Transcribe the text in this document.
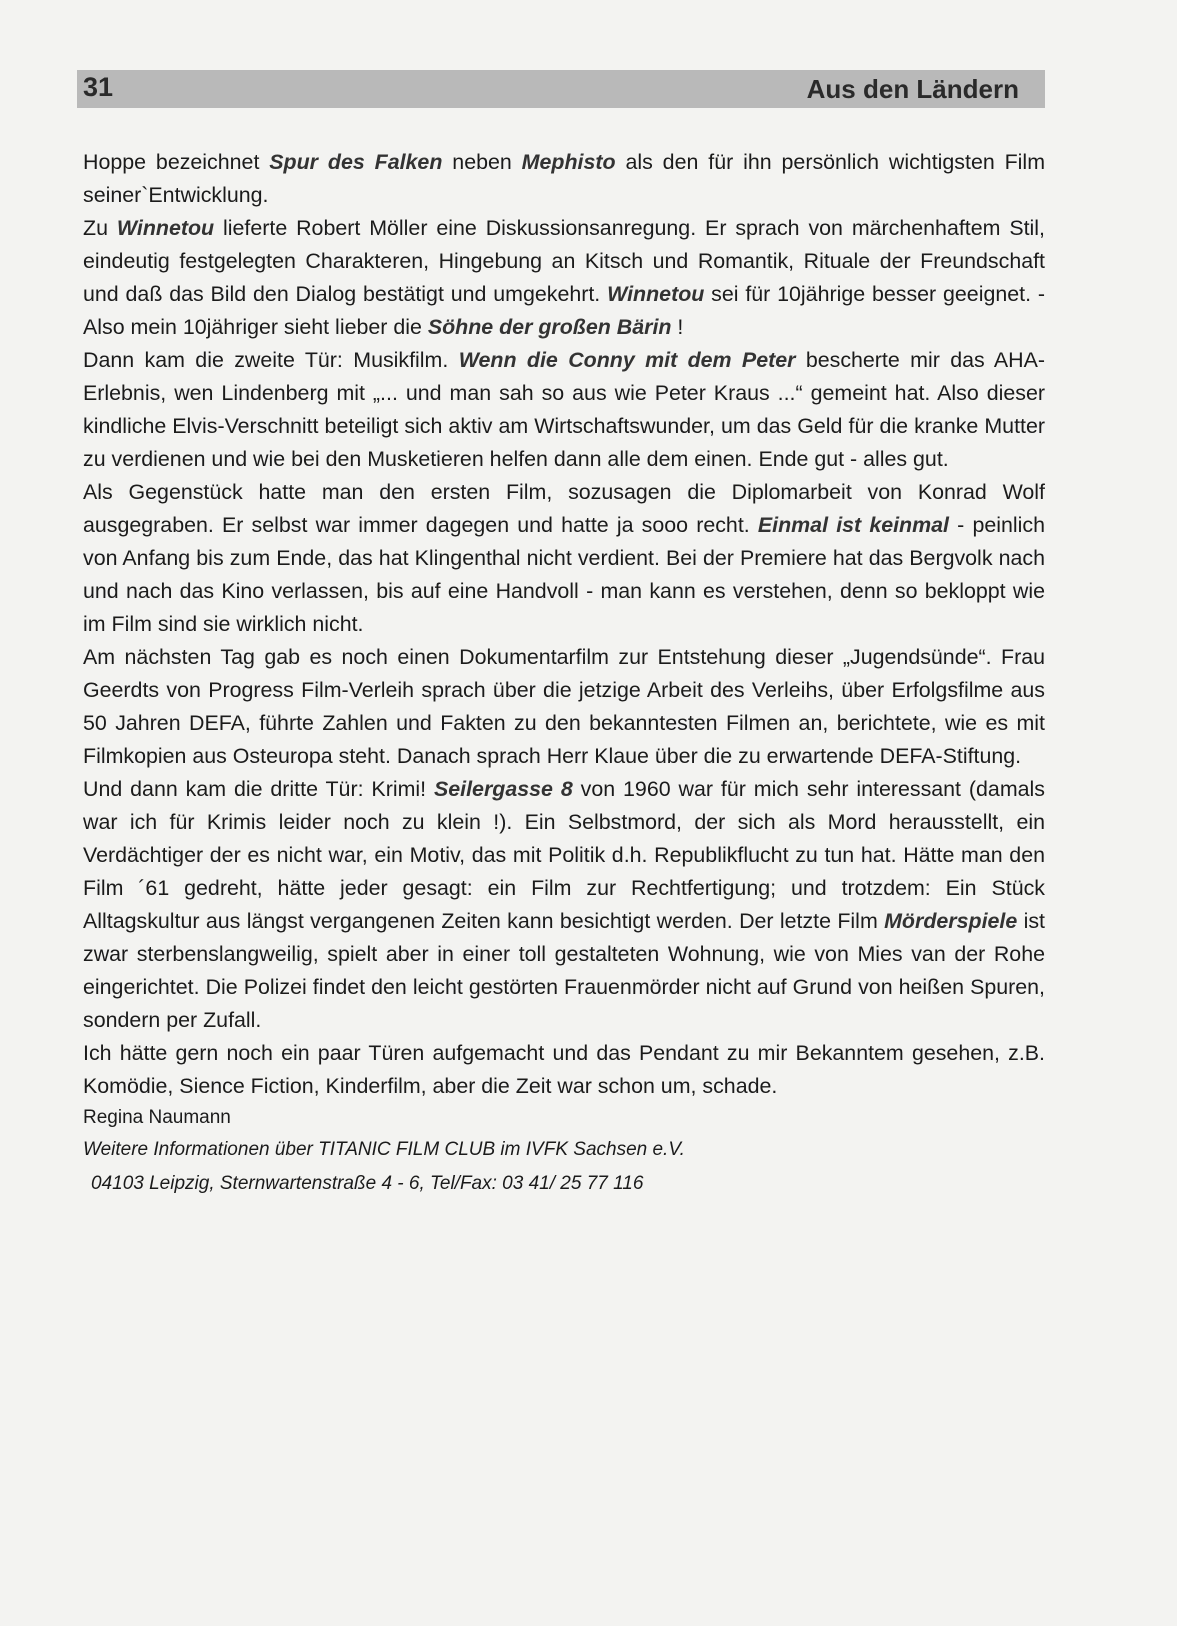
31	Aus den Ländern

Hoppe bezeichnet Spur des Falken neben Mephisto als den für ihn persönlich wichtigsten Film seiner`Entwicklung.

Zu Winnetou lieferte Robert Möller eine Diskussionsanregung. Er sprach von märchenhaftem Stil, eindeutig festgelegten Charakteren, Hingebung an Kitsch und Romantik, Rituale der Freundschaft und daß das Bild den Dialog bestätigt und umgekehrt. Winnetou sei für 10jährige besser geeignet. - Also mein 10jähriger sieht lieber die Söhne der großen Bärin !

Dann kam die zweite Tür: Musikfilm. Wenn die Conny mit dem Peter bescherte mir das AHA-Erlebnis, wen Lindenberg mit „... und man sah so aus wie Peter Kraus ...“ gemeint hat. Also dieser kindliche Elvis-Verschnitt beteiligt sich aktiv am Wirtschaftswunder, um das Geld für die kranke Mutter zu verdienen und wie bei den Musketieren helfen dann alle dem einen. Ende gut - alles gut.

Als Gegenstück hatte man den ersten Film, sozusagen die Diplomarbeit von Konrad Wolf ausgegraben. Er selbst war immer dagegen und hatte ja sooo recht. Einmal ist keinmal - peinlich von Anfang bis zum Ende, das hat Klingenthal nicht verdient. Bei der Premiere hat das Bergvolk nach und nach das Kino verlassen, bis auf eine Handvoll - man kann es verstehen, denn so bekloppt wie im Film sind sie wirklich nicht.

Am nächsten Tag gab es noch einen Dokumentarfilm zur Entstehung dieser „Jugendsünde“. Frau Geerdts von Progress Film-Verleih sprach über die jetzige Arbeit des Verleihs, über Erfolgsfilme aus 50 Jahren DEFA, führte Zahlen und Fakten zu den bekanntesten Filmen an, berichtete, wie es mit Filmkopien aus Osteuropa steht. Danach sprach Herr Klaue über die zu erwartende DEFA-Stiftung.

Und dann kam die dritte Tür: Krimi! Seilergasse 8 von 1960 war für mich sehr interessant (damals war ich für Krimis leider noch zu klein !). Ein Selbstmord, der sich als Mord herausstellt, ein Verdächtiger der es nicht war, ein Motiv, das mit Politik d.h. Republikflucht zu tun hat. Hätte man den Film ´61 gedreht, hätte jeder gesagt: ein Film zur Rechtfertigung; und trotzdem: Ein Stück Alltagskultur aus längst vergangenen Zeiten kann besichtigt werden. Der letzte Film Mörderspiele ist zwar sterbenslangweilig, spielt aber in einer toll gestalteten Wohnung, wie von Mies van der Rohe eingerichtet. Die Polizei findet den leicht gestörten Frauenmörder nicht auf Grund von heißen Spuren, sondern per Zufall.

Ich hätte gern noch ein paar Türen aufgemacht und das Pendant zu mir Bekanntem gesehen, z.B. Komödie, Sience Fiction, Kinderfilm, aber die Zeit war schon um, schade.

Regina Naumann

Weitere Informationen über TITANIC FILM CLUB im IVFK Sachsen e.V.

04103 Leipzig, Sternwartenstraße 4 - 6, Tel/Fax: 03 41/ 25 77 116
